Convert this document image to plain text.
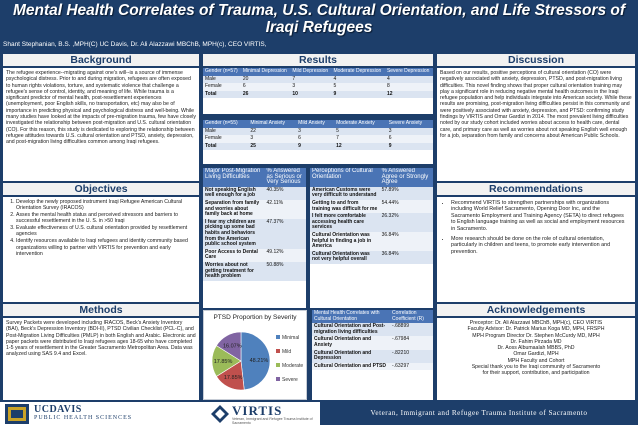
Mental Health Correlates of Trauma, U.S. Cultural Orientation, and Life Stressors of Iraqi Refugees
Shant Stephanian, B.S. ,MPH(C) UC Davis, Dr. Ali Alazzawi MBChB, MPH(c), CEO VIRTIS,
Background
The refugee experience--migrating against one's will--is a source of immense psychological distress. Prior to and during migration, refugees are often exposed to human rights violations, torture, and systematic violence that challenge a refugee's sense of control, identity, and meaning of life. While trauma is a significant predictor of mental health, post-resettlement experiences (unemployment, poor English skills, no transportation, etc) may also be of importance in predicting physical and psychological distress and well-being. While many studies have looked at the impacts of pre-migration trauma, few have closely investigated the relationship between post-migration and U.S. cultural orientation (CO). For this reason, this study is dedicated to exploring the relationship between refugee attitudes towards U.S. cultural orientation and PTSD, anxiety, depression, and post-migration living difficulties common among Iraqi refugees.
Objectives
1. Develop the newly proposed instrument Iraqi Refugee American Cultural Orientation Survey (IRACOS)
2. Asses the mental health status and perceived stressors and barriers to successful resettlement in the U. S. in >50 Iraqi
3. Evaluate effectiveness of U.S. cultural orientation provided by resettlement agencies
4. Identify resources available to Iraqi refugees and identity community based organizations willing to partner with VIRTIS for prevention and early intervention
Methods
Survey Packets were developed including IRACOS, Beck's Anxiety Inventory (BAI), Beck's Depression Inventory (BDI-II), PTSD Civilian Checklist (PCL-C), and Post-Migration Living Difficulties (PMLP) in both English and Arabic. Electronic and paper packets were distributed to Iraqi refugees ages 18-65 who have completed 1-5 years of resettlement in the Greater Sacramento Metropolitan Area. Data was analyzed using SAS 9.4 and Excel.
Results
Gender (n=57)	Minimal Depression	Mild Depression	Moderate Depression	Severe Depression
Male	20	7	4	4
Female	6	3	5	8
Total	26	10	9	12
Gender (n=55)	Minimal Anxiety	Mild Anxiety	Moderate Anxiety	Severe Anxiety
Male	22	3	5	3
Female	3	6	7	6
Total	25	9	12	9
Major Post-Migration Living Difficulties	% Answered as Serious or Very Serious
Not speaking English well enough for a job	40.35%
Separation from family and worries about family back at home	42.11%
I fear my children are picking up some bad habits and behaviors from the American public school system	47.37%
Poor Access to Dental Care	49.12%
Worries about not getting treatment for health problem	50.88%
Perceptions of Cultural Orientation	% Answered Agree or Strongly Agree
American Customs were very difficult to understand	57.89%
Getting to and from training was difficult for me	54.44%
I felt more comfortable accessing health care services	26.32%
Cultural Orientation was helpful in finding a job in America	36.84%
Cultural Orientation was not very helpful overall	36.84%
PTSD Proportion by Severity
48.21%
17.85%
17.85%
16.07%
Minimal
Mild
Moderate
Severe
Mental Health Correlates with Cultural Orientation	Correlation Coefficient (R)
Cultural Orientation and Post-migration living difficulties	-.68899
Cultural Orientation and Anxiety	-.67984
Cultural Orientation and Depression	-.82210
Cultural Orientation and PTSD	-.63297
Discussion
Based on our results, positive perceptions of cultural orientation (CO) were negatively associated with anxiety, depression, PTSD, and post-migration living difficulties. This novel finding shows that proper cultural orientation training may play a significant role in reducing negative mental health outcomes in the Iraqi refugee population and help individuals integrate into American society. While these results are promising, post-migration living difficulties persist in this community and were positively associated with anxiety, depression, and PTSD: confirming study findings by VIRTIS and Omar Gardizi in 2014. The most prevalent living difficulties noted by our study cohort included worries about access to health care, dental care, and primary care as well as worries about not speaking English well enough for a job, separation from family and concerns about American Public Schools.
Recommendations
• Recommend VIRTIS to strengthen partnerships with organizations including World Relief Sacramento, Opening Door Inc, and the Sacramento Employment and Training Agency (SETA) to direct refugees to English language training as well as social and employment resources in Sacramento.
• More research should be done on the role of cultural orientation, particularly in children and teens, to promote early intervention and prevention.
Acknowledgements
Preceptor: Dr. Ali Alazzawi MBChB, MPH(c), CEO VIRTIS
Faculty Advisor: Dr. Patrick Marius Koga MD, MPH, FRSPH
MPH Program Director Dr. Stephen McCurdy MD, MPH
Dr. Fahim Pirzada MD
Dr. Aoss Albumaalah MBBS, PhD
Omar Gardizi, MPH
MPH Faculty and Cohort
Special thank you to the Iraqi community of Sacramento
for their support, contribution, and participation
UCDAVIS
PUBLIC HEALTH SCIENCES	VIRTIS
Veteran, Immigrant and Refugee Trauma Institute of Sacramento
Veteran, Immigrant and Refugee Trauma Institute of Sacramento
